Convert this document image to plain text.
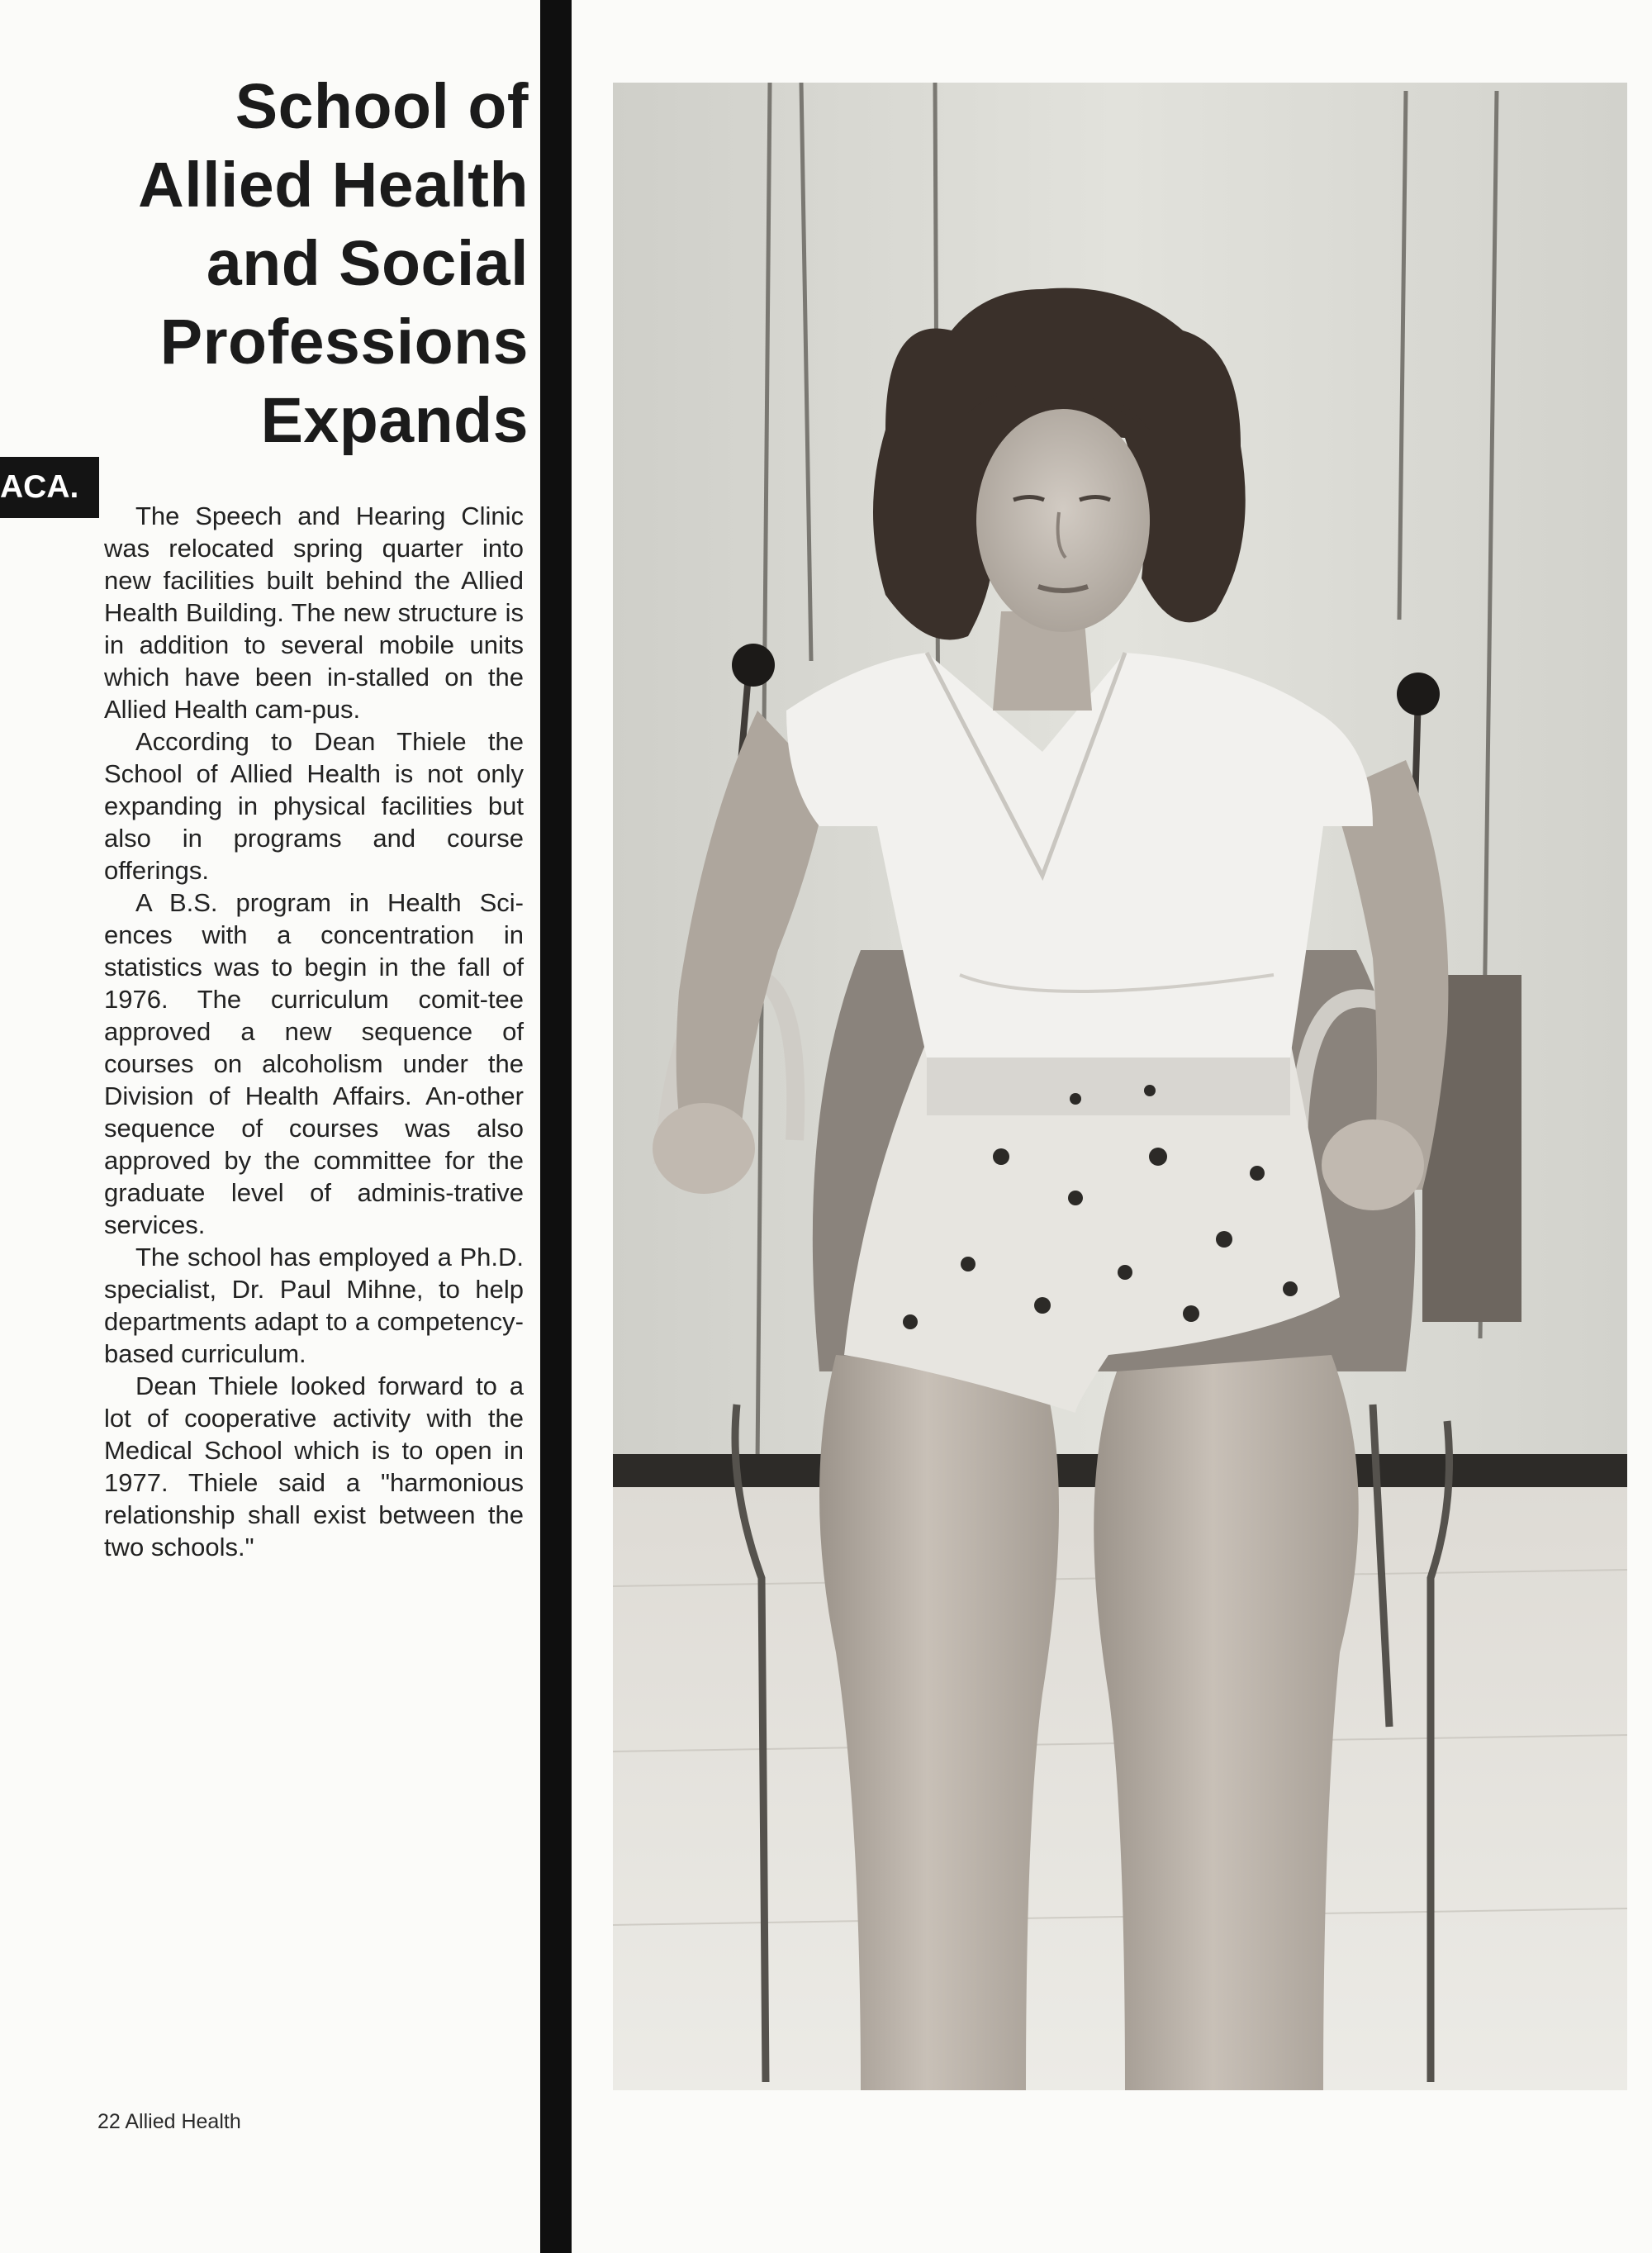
School of
Allied Health
and Social
Professions
Expands
ACA.

The Speech and Hearing Clinic was relocated spring quarter into new facilities built behind the Allied Health Building. The new structure is in addition to several mobile units which have been in-stalled on the Allied Health cam-pus.

According to Dean Thiele the School of Allied Health is not only expanding in physical facilities but also in programs and course offerings.

A B.S. program in Health Sci-ences with a concentration in statistics was to begin in the fall of 1976. The curriculum comit-tee approved a new sequence of courses on alcoholism under the Division of Health Affairs. An-other sequence of courses was also approved by the committee for the graduate level of adminis-trative services.

The school has employed a Ph.D. specialist, Dr. Paul Mihne, to help departments adapt to a competency-based curriculum.

Dean Thiele looked forward to a lot of cooperative activity with the Medical School which is to open in 1977. Thiele said a "harmonious relationship shall exist between the two schools."

22 Allied Health
